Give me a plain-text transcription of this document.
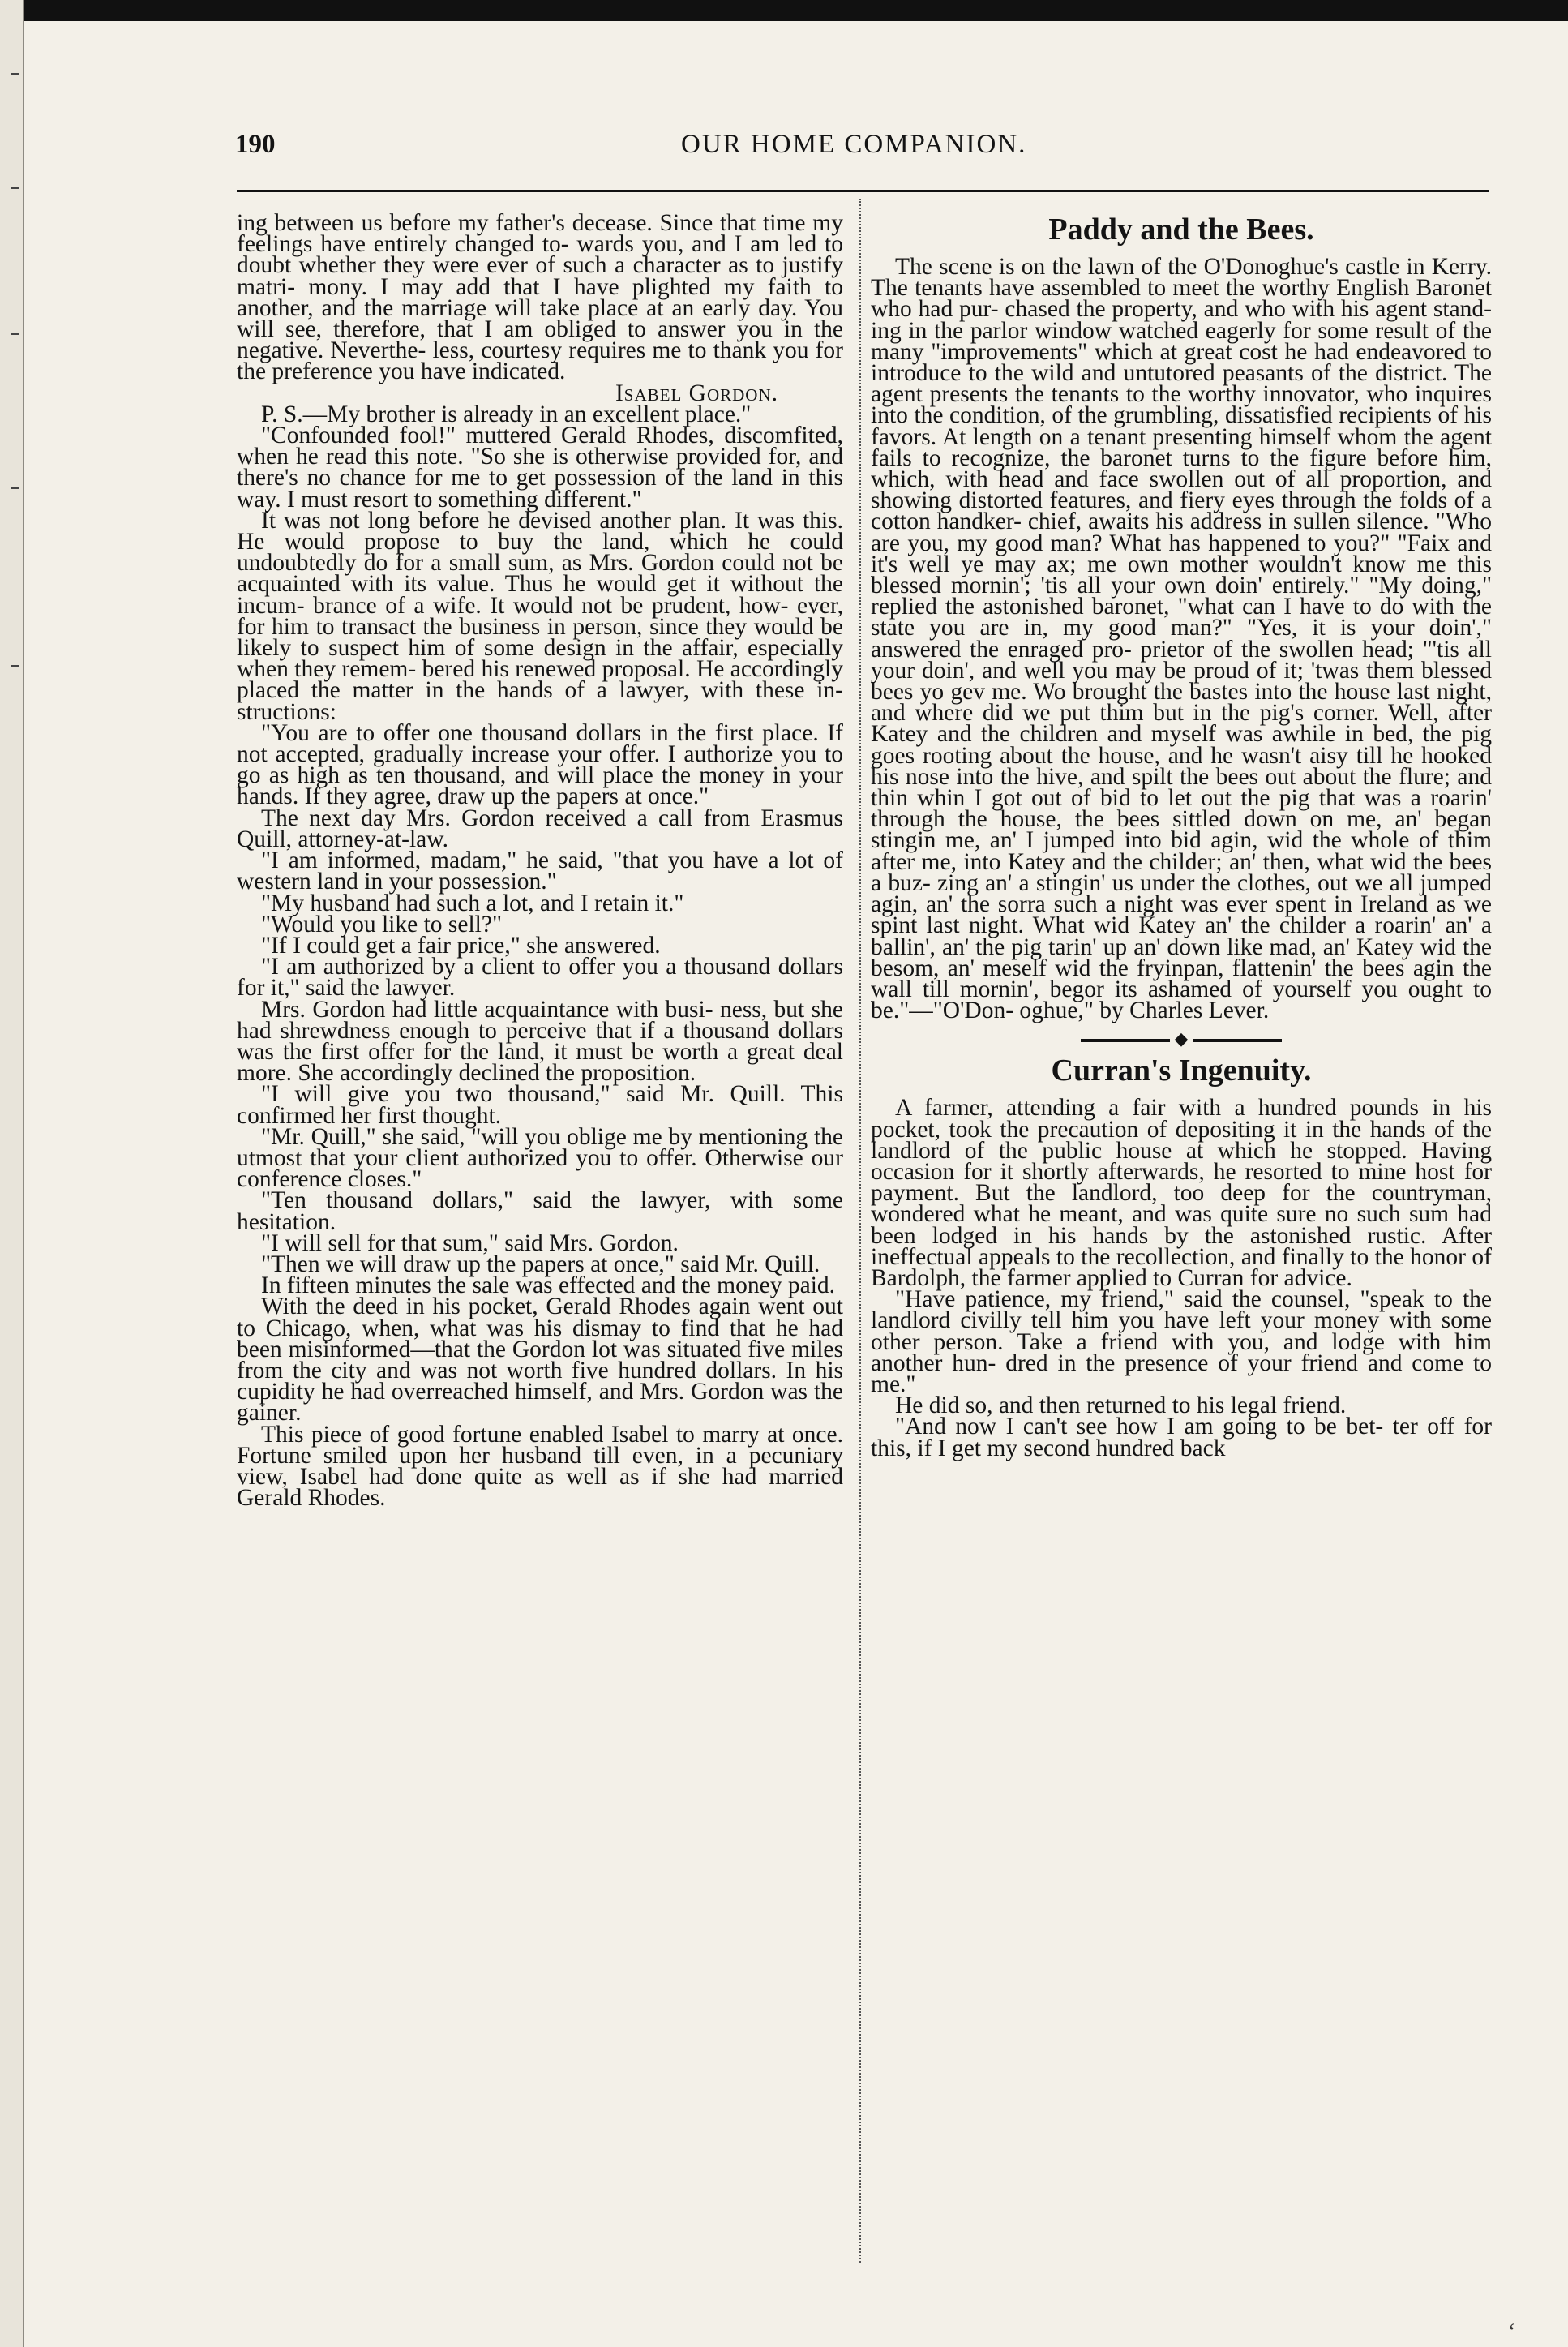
190	OUR HOME COMPANION.

ing between us before my father's decease. Since that time my feelings have entirely changed to- wards you, and I am led to doubt whether they were ever of such a character as to justify matri- mony. I may add that I have plighted my faith to another, and the marriage will take place at an early day. You will see, therefore, that I am obliged to answer you in the negative. Neverthe- less, courtesy requires me to thank you for the preference you have indicated.

Isabel Gordon.

P. S.—My brother is already in an excellent place."

"Confounded fool!" muttered Gerald Rhodes, discomfited, when he read this note. "So she is otherwise provided for, and there's no chance for me to get possession of the land in this way. I must resort to something different."

It was not long before he devised another plan. It was this. He would propose to buy the land, which he could undoubtedly do for a small sum, as Mrs. Gordon could not be acquainted with its value. Thus he would get it without the incum- brance of a wife. It would not be prudent, how- ever, for him to transact the business in person, since they would be likely to suspect him of some design in the affair, especially when they remem- bered his renewed proposal. He accordingly placed the matter in the hands of a lawyer, with these in- structions:

"You are to offer one thousand dollars in the first place. If not accepted, gradually increase your offer. I authorize you to go as high as ten thousand, and will place the money in your hands. If they agree, draw up the papers at once."

The next day Mrs. Gordon received a call from Erasmus Quill, attorney-at-law.

"I am informed, madam," he said, "that you have a lot of western land in your possession."

"My husband had such a lot, and I retain it."

"Would you like to sell?"

"If I could get a fair price," she answered.

"I am authorized by a client to offer you a thousand dollars for it," said the lawyer.

Mrs. Gordon had little acquaintance with busi- ness, but she had shrewdness enough to perceive that if a thousand dollars was the first offer for the land, it must be worth a great deal more. She accordingly declined the proposition.

"I will give you two thousand," said Mr. Quill. This confirmed her first thought.

"Mr. Quill," she said, "will you oblige me by mentioning the utmost that your client authorized you to offer. Otherwise our conference closes."

"Ten thousand dollars," said the lawyer, with some hesitation.

"I will sell for that sum," said Mrs. Gordon.

"Then we will draw up the papers at once," said Mr. Quill.

In fifteen minutes the sale was effected and the money paid.

With the deed in his pocket, Gerald Rhodes again went out to Chicago, when, what was his dismay to find that he had been misinformed—that the Gordon lot was situated five miles from the city and was not worth five hundred dollars. In his cupidity he had overreached himself, and Mrs. Gordon was the gainer.

This piece of good fortune enabled Isabel to marry at once. Fortune smiled upon her husband till even, in a pecuniary view, Isabel had done quite as well as if she had married Gerald Rhodes.

Paddy and the Bees.

The scene is on the lawn of the O'Donoghue's castle in Kerry. The tenants have assembled to meet the worthy English Baronet who had pur- chased the property, and who with his agent stand- ing in the parlor window watched eagerly for some result of the many "improvements" which at great cost he had endeavored to introduce to the wild and untutored peasants of the district. The agent presents the tenants to the worthy innovator, who inquires into the condition, of the grumbling, dissatisfied recipients of his favors. At length on a tenant presenting himself whom the agent fails to recognize, the baronet turns to the figure before him, which, with head and face swollen out of all proportion, and showing distorted features, and fiery eyes through the folds of a cotton handker- chief, awaits his address in sullen silence. "Who are you, my good man? What has happened to you?" "Faix and it's well ye may ax; me own mother wouldn't know me this blessed mornin'; 'tis all your own doin' entirely." "My doing," replied the astonished baronet, "what can I have to do with the state you are in, my good man?" "Yes, it is your doin'," answered the enraged pro- prietor of the swollen head; "'tis all your doin', and well you may be proud of it; 'twas them blessed bees yo gev me. Wo brought the bastes into the house last night, and where did we put thim but in the pig's corner. Well, after Katey and the children and myself was awhile in bed, the pig goes rooting about the house, and he wasn't aisy till he hooked his nose into the hive, and spilt the bees out about the flure; and thin whin I got out of bid to let out the pig that was a roarin' through the house, the bees sittled down on me, an' began stingin me, an' I jumped into bid agin, wid the whole of thim after me, into Katey and the childer; an' then, what wid the bees a buz- zing an' a stingin' us under the clothes, out we all jumped agin, an' the sorra such a night was ever spent in Ireland as we spint last night. What wid Katey an' the childer a roarin' an' a ballin', an' the pig tarin' up an' down like mad, an' Katey wid the besom, an' meself wid the fryinpan, flattenin' the bees agin the wall till mornin', begor its ashamed of yourself you ought to be."—"O'Don- oghue," by Charles Lever.

◆
Curran's Ingenuity.

A farmer, attending a fair with a hundred pounds in his pocket, took the precaution of depositing it in the hands of the landlord of the public house at which he stopped. Having occasion for it shortly afterwards, he resorted to mine host for payment. But the landlord, too deep for the countryman, wondered what he meant, and was quite sure no such sum had been lodged in his hands by the astonished rustic. After ineffectual appeals to the recollection, and finally to the honor of Bardolph, the farmer applied to Curran for advice.

"Have patience, my friend," said the counsel, "speak to the landlord civilly tell him you have left your money with some other person. Take a friend with you, and lodge with him another hun- dred in the presence of your friend and come to me."

He did so, and then returned to his legal friend.

"And now I can't see how I am going to be bet- ter off for this, if I get my second hundred back

‘
